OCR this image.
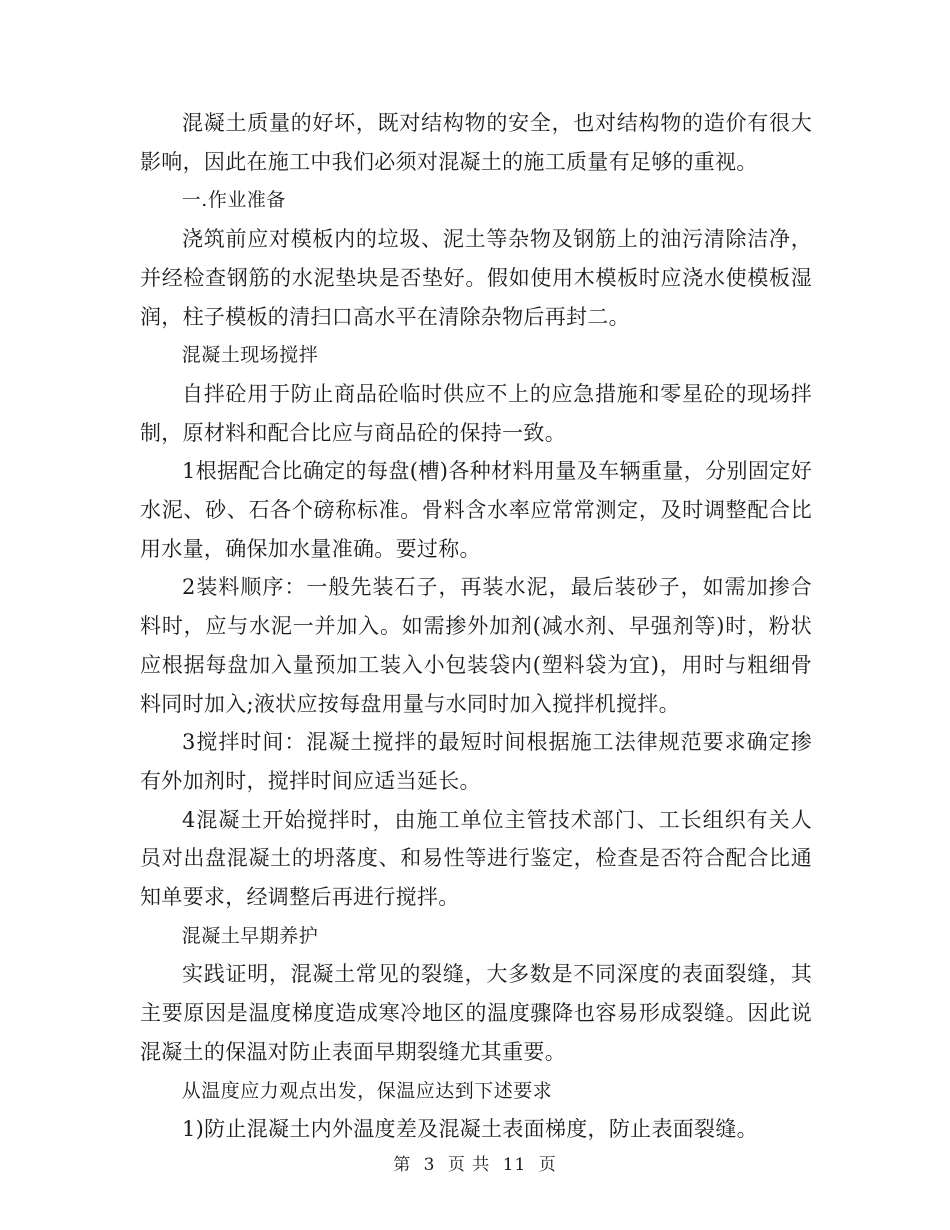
混凝土质量的好坏，既对结构物的安全，也对结构物的造价有很大影响，因此在施工中我们必须对混凝土的施工质量有足够的重视。

一.作业准备

浇筑前应对模板内的垃圾、泥土等杂物及钢筋上的油污清除洁净，并经检查钢筋的水泥垫块是否垫好。假如使用木模板时应浇水使模板湿润，柱子模板的清扫口高水平在清除杂物后再封二。

混凝土现场搅拌

自拌砼用于防止商品砼临时供应不上的应急措施和零星砼的现场拌制，原材料和配合比应与商品砼的保持一致。

1根据配合比确定的每盘(槽)各种材料用量及车辆重量，分别固定好水泥、砂、石各个磅称标准。骨料含水率应常常测定，及时调整配合比用水量，确保加水量准确。要过称。

2装料顺序：一般先装石子，再装水泥，最后装砂子，如需加掺合料时，应与水泥一并加入。如需掺外加剂(减水剂、早强剂等)时，粉状应根据每盘加入量预加工装入小包装袋内(塑料袋为宜)，用时与粗细骨料同时加入;液状应按每盘用量与水同时加入搅拌机搅拌。

3搅拌时间：混凝土搅拌的最短时间根据施工法律规范要求确定掺有外加剂时，搅拌时间应适当延长。

4混凝土开始搅拌时，由施工单位主管技术部门、工长组织有关人员对出盘混凝土的坍落度、和易性等进行鉴定，检查是否符合配合比通知单要求，经调整后再进行搅拌。

混凝土早期养护

实践证明，混凝土常见的裂缝，大多数是不同深度的表面裂缝，其主要原因是温度梯度造成寒冷地区的温度骤降也容易形成裂缝。因此说混凝土的保温对防止表面早期裂缝尤其重要。

从温度应力观点出发，保温应达到下述要求

1)防止混凝土内外温度差及混凝土表面梯度，防止表面裂缝。

第 3 页 共 11 页
